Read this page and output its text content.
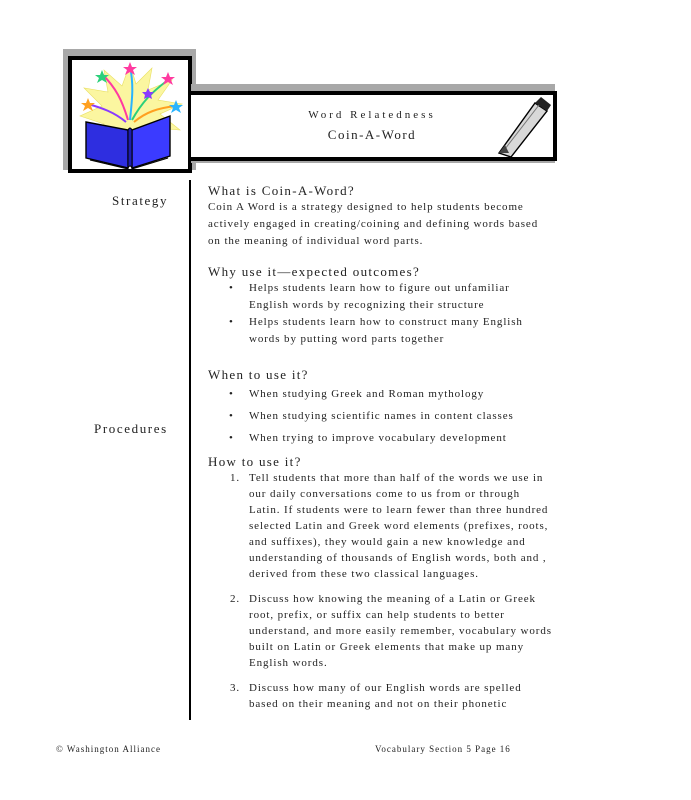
Word Relatedness
Coin-A-Word
Strategy
Procedures

What is Coin-A-Word?

Coin A Word is a strategy designed to help students become actively engaged in creating/coining and defining words based on the meaning of individual word parts.

Why use it—expected outcomes?

• Helps students learn how to figure out unfamiliar English words by recognizing their structure
• Helps students learn how to construct many English words by putting word parts together

When to use it?

• When studying Greek and Roman mythology
• When studying scientific names in content classes
• When trying to improve vocabulary development

How to use it?

1. Tell students that more than half of the words we use in our daily conversations come to us from or through Latin. If students were to learn fewer than three hundred selected Latin and Greek word elements (prefixes, roots, and suffixes), they would gain a new knowledge and understanding of thousands of English words, both and , derived from these two classical languages.
2. Discuss how knowing the meaning of a Latin or Greek root, prefix, or suffix can help students to better understand, and more easily remember, vocabulary words built on Latin or Greek elements that make up many English words.
3. Discuss how many of our English words are spelled based on their meaning and not on their phonetic
© Washington Alliance	Vocabulary Section 5 Page 16
